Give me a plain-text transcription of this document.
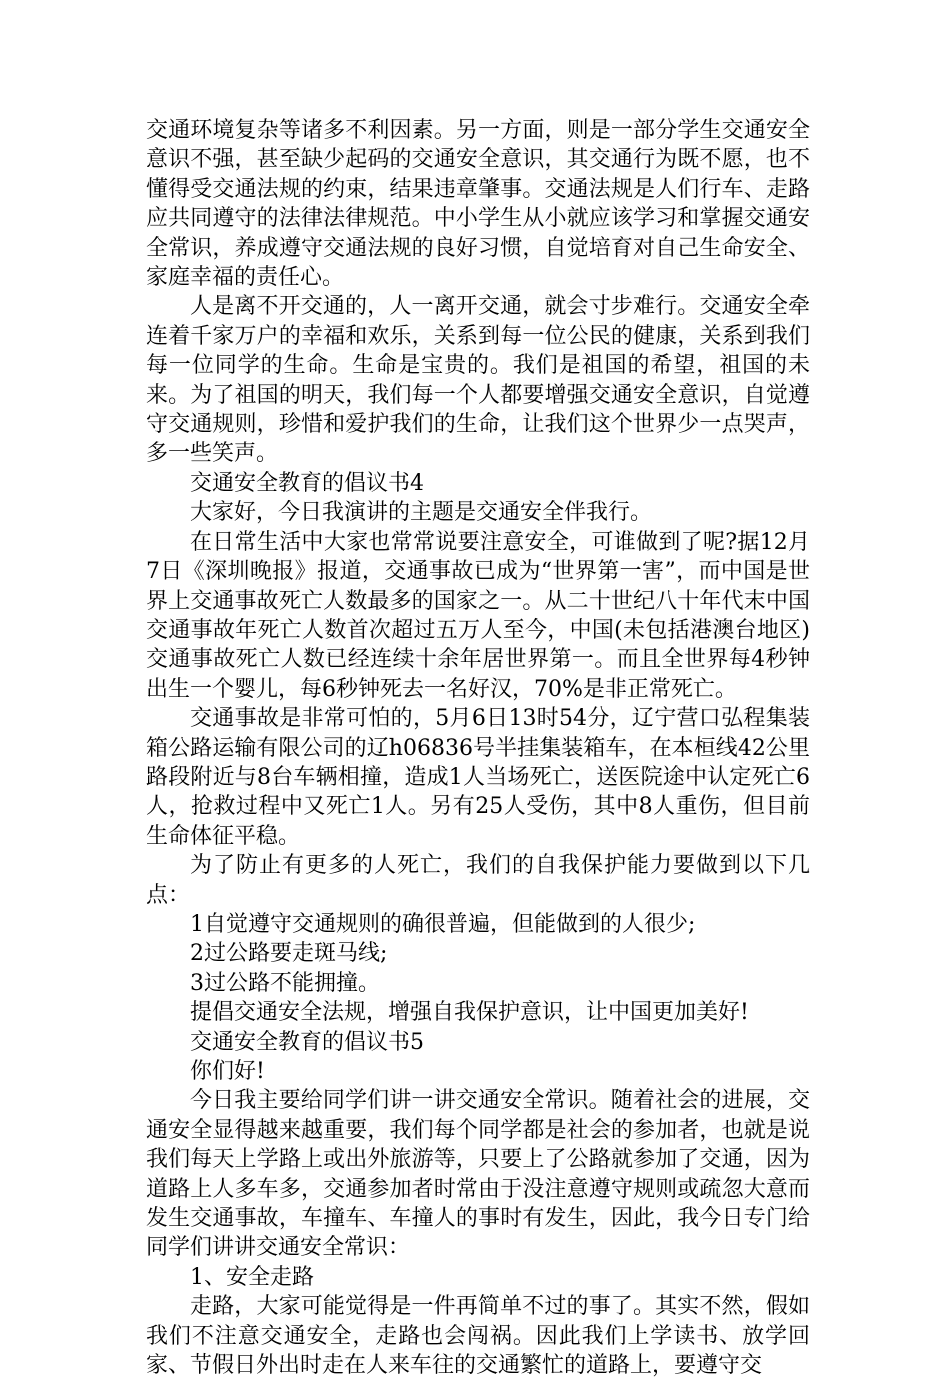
交通环境复杂等诸多不利因素。另一方面，则是一部分学生交通安全意识不强，甚至缺少起码的交通安全意识，其交通行为既不愿，也不懂得受交通法规的约束，结果违章肇事。交通法规是人们行车、走路应共同遵守的法律法律规范。中小学生从小就应该学习和掌握交通安全常识，养成遵守交通法规的良好习惯，自觉培育对自己生命安全、家庭幸福的责任心。

人是离不开交通的，人一离开交通，就会寸步难行。交通安全牵连着千家万户的幸福和欢乐，关系到每一位公民的健康，关系到我们每一位同学的生命。生命是宝贵的。我们是祖国的希望，祖国的未来。为了祖国的明天，我们每一个人都要增强交通安全意识，自觉遵守交通规则，珍惜和爱护我们的生命，让我们这个世界少一点哭声，多一些笑声。

交通安全教育的倡议书4

大家好，今日我演讲的主题是交通安全伴我行。

在日常生活中大家也常常说要注意安全，可谁做到了呢?据12月7日《深圳晚报》报道，交通事故已成为“世界第一害”，而中国是世界上交通事故死亡人数最多的国家之一。从二十世纪八十年代末中国交通事故年死亡人数首次超过五万人至今，中国(未包括港澳台地区)交通事故死亡人数已经连续十余年居世界第一。而且全世界每4秒钟出生一个婴儿，每6秒钟死去一名好汉，70%是非正常死亡。

交通事故是非常可怕的，5月6日13时54分，辽宁营口弘程集装箱公路运输有限公司的辽h06836号半挂集装箱车，在本桓线42公里路段附近与8台车辆相撞，造成1人当场死亡，送医院途中认定死亡6人，抢救过程中又死亡1人。另有25人受伤，其中8人重伤，但目前生命体征平稳。

为了防止有更多的人死亡，我们的自我保护能力要做到以下几点：

1自觉遵守交通规则的确很普遍，但能做到的人很少;

2过公路要走斑马线;

3过公路不能拥撞。

提倡交通安全法规，增强自我保护意识，让中国更加美好!

交通安全教育的倡议书5

你们好!

今日我主要给同学们讲一讲交通安全常识。随着社会的进展，交通安全显得越来越重要，我们每个同学都是社会的参加者，也就是说我们每天上学路上或出外旅游等，只要上了公路就参加了交通，因为道路上人多车多，交通参加者时常由于没注意遵守规则或疏忽大意而发生交通事故，车撞车、车撞人的事时有发生，因此，我今日专门给同学们讲讲交通安全常识：

1、安全走路

走路，大家可能觉得是一件再简单不过的事了。其实不然，假如我们不注意交通安全，走路也会闯祸。因此我们上学读书、放学回家、节假日外出时走在人来车往的交通繁忙的道路上，要遵守交
